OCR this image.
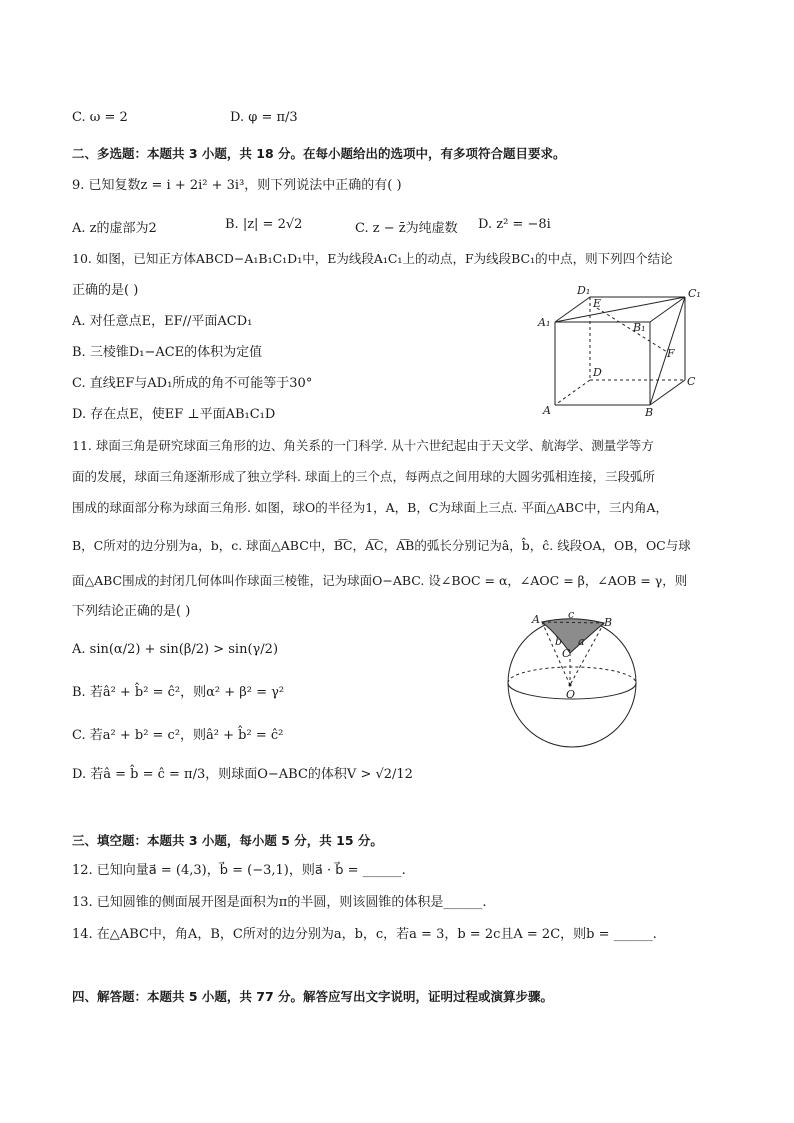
C. ω = 2	D. φ = π/3
二、多选题：本题共 3 小题，共 18 分。在每小题给出的选项中，有多项符合题目要求。
9. 已知复数z = i + 2i² + 3i³，则下列说法中正确的有( )
A. z的虚部为2	B. |z| = 2√2	C. z − z̄为纯虚数 D. z² = −8i
10. 如图，已知正方体ABCD−A₁B₁C₁D₁中，E为线段A₁C₁上的动点，F为线段BC₁的中点，则下列四个结论
正确的是( )
A. 对任意点E，EF//平面ACD₁
B. 三棱锥D₁−ACE的体积为定值
C. 直线EF与AD₁所成的角不可能等于30°
D. 存在点E，使EF ⊥平面AB₁C₁D
D₁	C₁
A₁	B₁
E
F
D
C
A	B
11. 球面三角是研究球面三角形的边、角关系的一门科学. 从十六世纪起由于天文学、航海学、测量学等方
面的发展，球面三角逐渐形成了独立学科. 球面上的三个点，每两点之间用球的大圆劣弧相连接，三段弧所
围成的球面部分称为球面三角形. 如图，球O的半径为1，A，B，C为球面上三点. 平面△ABC中，三内角A，
B，C所对的边分别为a，b，c. 球面△ABC中，B͡C，A͡C，A͡B的弧长分别记为â，b̂，ĉ. 线段OA，OB，OC与球
面△ABC围成的封闭几何体叫作球面三棱锥，记为球面O−ABC. 设∠BOC = α，∠AOC = β，∠AOB = γ，则
下列结论正确的是( )
A. sin(α/2) + sin(β/2) > sin(γ/2)
B. 若â² + b̂² = ĉ²，则α² + β² = γ²
C. 若a² + b² = c²，则â² + b̂² = ĉ²
D. 若â = b̂ = ĉ = π/3，则球面O−ABC的体积V > √2/12
A	c
B
b
C
a
O
三、填空题：本题共 3 小题，每小题 5 分，共 15 分。
12. 已知向量a⃗ = (4,3)，b⃗ = (−3,1)，则a⃗ · b⃗ = ______.
13. 已知圆锥的侧面展开图是面积为π的半圆，则该圆锥的体积是______.
14. 在△ABC中，角A，B，C所对的边分别为a，b，c，若a = 3，b = 2c且A = 2C，则b = ______.
四、解答题：本题共 5 小题，共 77 分。解答应写出文字说明，证明过程或演算步骤。
